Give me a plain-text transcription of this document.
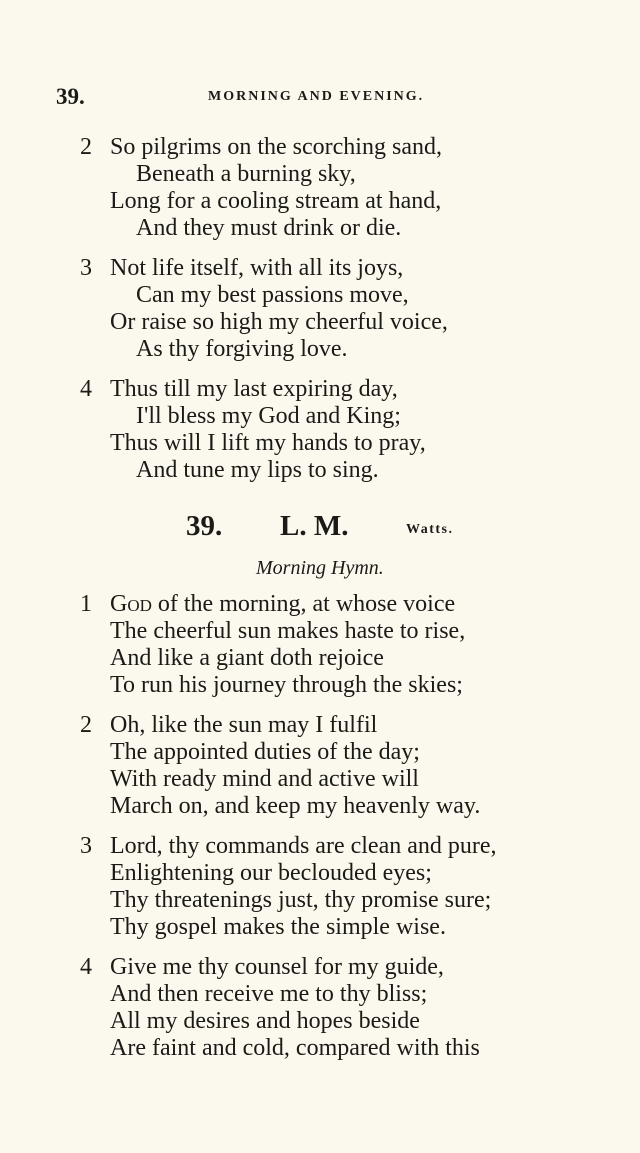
39.	MORNING AND EVENING.
2 So pilgrims on the scorching sand,
Beneath a burning sky,
Long for a cooling stream at hand,
And they must drink or die.
3 Not life itself, with all its joys,
Can my best passions move,
Or raise so high my cheerful voice,
As thy forgiving love.
4 Thus till my last expiring day,
I'll bless my God and King;
Thus will I lift my hands to pray,
And tune my lips to sing.
39. L. M.	Watts.
Morning Hymn.
1 God of the morning, at whose voice
The cheerful sun makes haste to rise,
And like a giant doth rejoice
To run his journey through the skies;
2 Oh, like the sun may I fulfil
The appointed duties of the day;
With ready mind and active will
March on, and keep my heavenly way.
3 Lord, thy commands are clean and pure,
Enlightening our beclouded eyes;
Thy threatenings just, thy promise sure;
Thy gospel makes the simple wise.
4 Give me thy counsel for my guide,
And then receive me to thy bliss;
All my desires and hopes beside
Are faint and cold, compared with this
